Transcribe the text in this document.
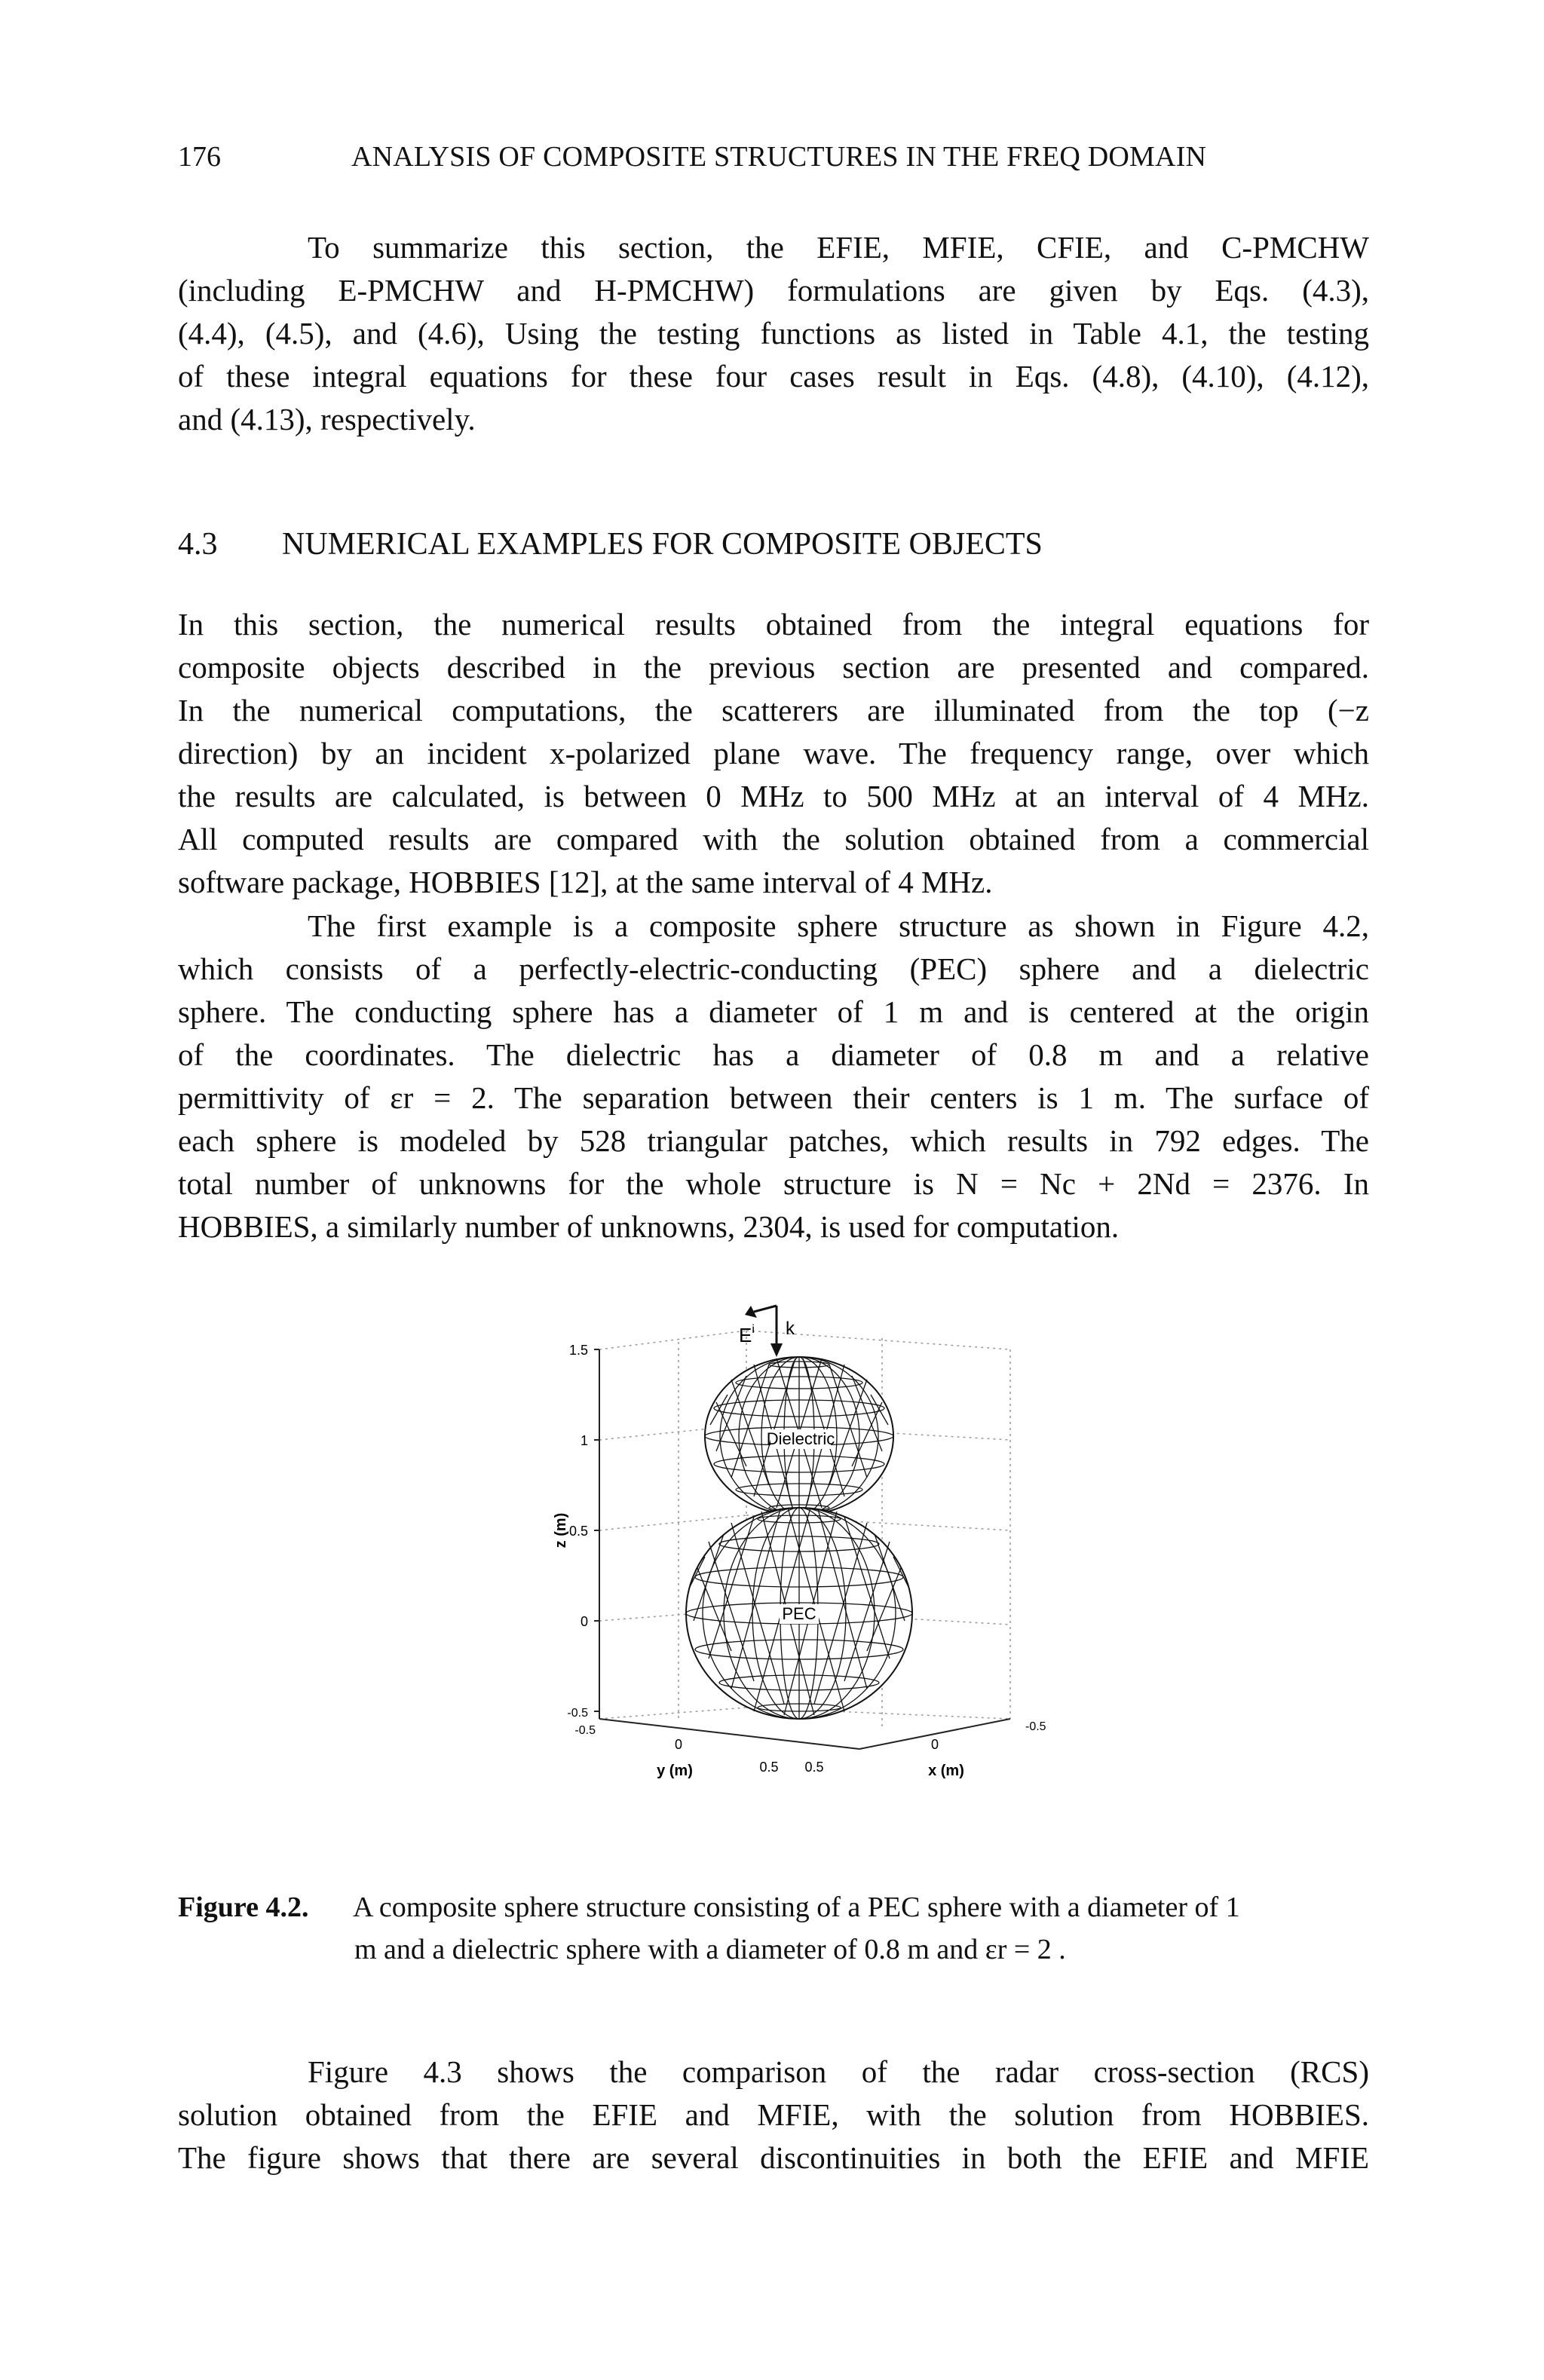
176	ANALYSIS OF COMPOSITE STRUCTURES IN THE FREQ DOMAIN
To summarize this section, the EFIE, MFIE, CFIE, and C-PMCHW
(including E-PMCHW and H-PMCHW) formulations are given by Eqs. (4.3),
(4.4), (4.5), and (4.6), Using the testing functions as listed in Table 4.1, the testing
of these integral equations for these four cases result in Eqs. (4.8), (4.10), (4.12),
and (4.13), respectively.
4.3 NUMERICAL EXAMPLES FOR COMPOSITE OBJECTS
In this section, the numerical results obtained from the integral equations for
composite objects described in the previous section are presented and compared.
In the numerical computations, the scatterers are illuminated from the top (−z
direction) by an incident x-polarized plane wave. The frequency range, over which
the results are calculated, is between 0 MHz to 500 MHz at an interval of 4 MHz.
All computed results are compared with the solution obtained from a commercial
software package, HOBBIES [12], at the same interval of 4 MHz.
The first example is a composite sphere structure as shown in Figure 4.2,
which consists of a perfectly-electric-conducting (PEC) sphere and a dielectric
sphere. The conducting sphere has a diameter of 1 m and is centered at the origin
of the coordinates. The dielectric has a diameter of 0.8 m and a relative
permittivity of εr = 2. The separation between their centers is 1 m. The surface of
each sphere is modeled by 528 triangular patches, which results in 792 edges. The
total number of unknowns for the whole structure is N = Nc + 2Nd = 2376. In
HOBBIES, a similarly number of unknowns, 2304, is used for computation.
1.5
1
0.5
0
-0.5
z (m)
-0.5
0
0.5 0.5
0
-0.5
y (m)	x (m)
$E^i$ k
Dielectric
PEC
Figure 4.2. A composite sphere structure consisting of a PEC sphere with a diameter of 1
m and a dielectric sphere with a diameter of 0.8 m and εr = 2 .
Figure 4.3 shows the comparison of the radar cross-section (RCS)
solution obtained from the EFIE and MFIE, with the solution from HOBBIES.
The figure shows that there are several discontinuities in both the EFIE and MFIE
